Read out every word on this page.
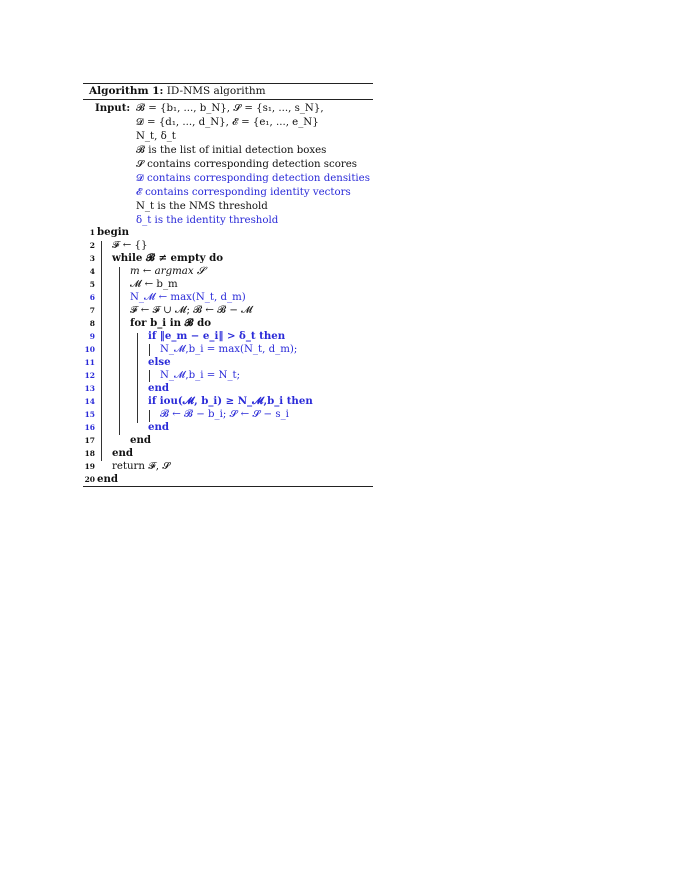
Algorithm 1: ID-NMS algorithm
Input: 𝓑 = {b₁, ..., b_N}, 𝓢 = {s₁, ..., s_N},
𝓓 = {d₁, ..., d_N}, 𝓔 = {e₁, ..., e_N}
N_t, δ_t
𝓑 is the list of initial detection boxes
𝓢 contains corresponding detection scores
𝓓 contains corresponding detection densities
𝓔 contains corresponding identity vectors
N_t is the NMS threshold
δ_t is the identity threshold
1 begin
2 𝓕 ← {}
3 while 𝓑 ≠ empty do
4	m ← argmax 𝓢
5	𝓜 ← b_m
6	N_𝓜 ← max(N_t, d_m)
7	𝓕 ← 𝓕 ∪ 𝓜; 𝓑 ← 𝓑 − 𝓜
8	for b_i in 𝓑 do
9	if ‖e_m − e_i‖ > δ_t then
10	N_𝓜,b_i = max(N_t, d_m);
11	else
12	N_𝓜,b_i = N_t;
13	end
14	if iou(𝓜, b_i) ≥ N_𝓜,b_i then
15	𝓑 ← 𝓑 − b_i; 𝓢 ← 𝓢 − s_i
16	end
17	end
18 end
19 return 𝓕, 𝓢
20 end
